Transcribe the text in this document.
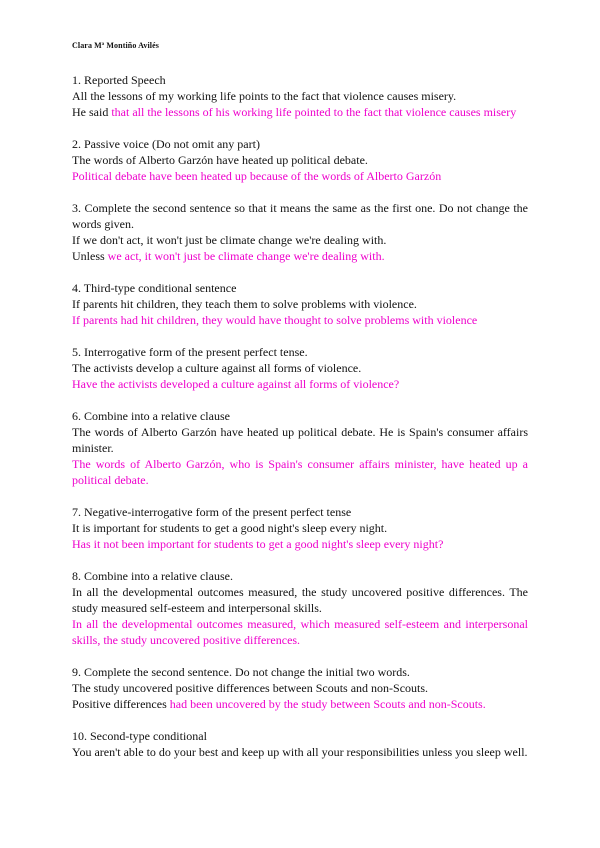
Clara Mª Montiño Avilés

1. Reported Speech

All the lessons of my working life points to the fact that violence causes misery.

He said that all the lessons of his working life pointed to the fact that violence causes misery

2. Passive voice (Do not omit any part)

The words of Alberto Garzón have heated up political debate.

Political debate have been heated up because of the words of Alberto Garzón

3. Complete the second sentence so that it means the same as the first one. Do not change the words given.

If we don't act, it won't just be climate change we're dealing with.

Unless we act, it won't just be climate change we're dealing with.

4. Third-type conditional sentence

If parents hit children, they teach them to solve problems with violence.

If parents had hit children, they would have thought to solve problems with violence

5. Interrogative form of the present perfect tense.

The activists develop a culture against all forms of violence.

Have the activists developed a culture against all forms of violence?

6. Combine into a relative clause

The words of Alberto Garzón have heated up political debate. He is Spain's consumer affairs minister.

The words of Alberto Garzón, who is Spain's consumer affairs minister, have heated up a political debate.

7. Negative-interrogative form of the present perfect tense

It is important for students to get a good night's sleep every night.

Has it not been important for students to get a good night's sleep every night?

8. Combine into a relative clause.

In all the developmental outcomes measured, the study uncovered positive differences. The study measured self-esteem and interpersonal skills.

In all the developmental outcomes measured, which measured self-esteem and interpersonal skills, the study uncovered positive differences.

9. Complete the second sentence. Do not change the initial two words.

The study uncovered positive differences between Scouts and non-Scouts.

Positive differences had been uncovered by the study between Scouts and non-Scouts.

10. Second-type conditional

You aren't able to do your best and keep up with all your responsibilities unless you sleep well.
